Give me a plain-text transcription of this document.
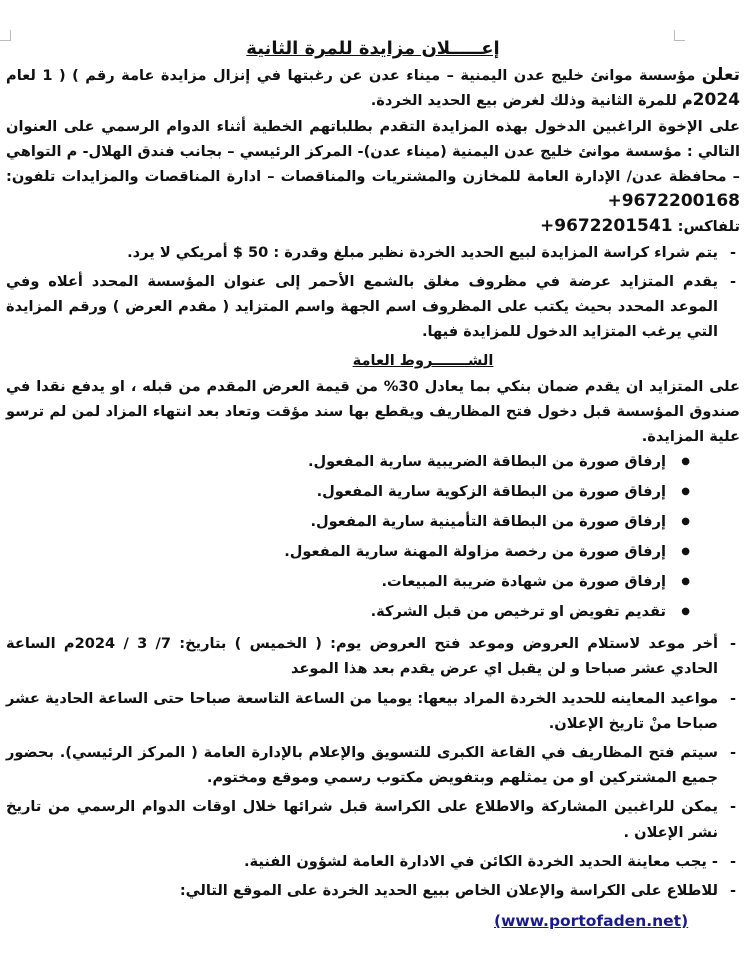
إعـــــلان مزايدة للمرة الثانية

تعلن مؤسسة موانئ خليج عدن اليمنية – ميناء عدن عن رغبتها في إنزال مزايدة عامة رقم ) ( 1 لعام 2024م للمرة الثانية وذلك لغرض بيع الحديد الخردة.

على الإخوة الراغبين الدخول بهذه المزايدة التقدم بطلباتهم الخطية أثناء الدوام الرسمي على العنوان التالي : مؤسسة موانئ خليج عدن اليمنية (ميناء عدن)- المركز الرئيسي – بجانب فندق الهلال- م التواهي – محافظة عدن/ الإدارة العامة للمخازن والمشتريات والمناقصات – ادارة المناقصات والمزايدات تلفون: +9672200168
تلفاكس: +9672201541

- يتم شراء كراسة المزايدة لبيع الحديد الخردة نظير مبلغ وقدرة : 50 $ أمريكي لا يرد.
- يقدم المتزايد عرضة في مظروف مغلق بالشمع الأحمر إلى عنوان المؤسسة المحدد أعلاه وفي الموعد المحدد بحيث يكتب على المظروف اسم الجهة واسم المتزايد ( مقدم العرض ) ورقم المزايدة التي يرغب المتزايد الدخول للمزايدة فيها.
الشـــــــروط العامة

على المتزايد ان يقدم ضمان بنكي بما يعادل 30% من قيمة العرض المقدم من قبله ، او يدفع نقدا في صندوق المؤسسة قبل دخول فتح المظاريف ويقطع بها سند مؤقت وتعاد بعد انتهاء المزاد لمن لم ترسو علية المزايدة.

● إرفاق صورة من البطاقة الضريبية سارية المفعول.
● إرفاق صورة من البطاقة الزكوية سارية المفعول.
● إرفاق صورة من البطاقة التأمينية سارية المفعول.
● إرفاق صورة من رخصة مزاولة المهنة سارية المفعول.
● إرفاق صورة من شهادة ضريبة المبيعات.
● تقديم تفويض او ترخيص من قبل الشركة.
- أخر موعد لاستلام العروض وموعد فتح العروض يوم: ( الخميس ) بتاريخ: 7/ 3 / 2024م الساعة الحادي عشر صباحا و لن يقبل اي عرض يقدم بعد هذا الموعد
- مواعيد المعاينه للحديد الخردة المراد بيعها: يوميا من الساعة التاسعة صباحا حتى الساعة الحادية عشر صباحا منْ تاريخ الإعلان.
- سيتم فتح المظاريف في القاعة الكبرى للتسويق والإعلام بالإدارة العامة ( المركز الرئيسي). بحضور جميع المشتركين او من يمثلهم وبتفويض مكتوب رسمي وموقع ومختوم.
- يمكن للراغبين المشاركة والاطلاع على الكراسة قبل شرائها خلال اوقات الدوام الرسمي من تاريخ نشر الإعلان .
- - يجب معاينة الحديد الخردة الكائن في الادارة العامة لشؤون الفنية.
- للاطلاع على الكراسة والإعلان الخاص ببيع الحديد الخردة على الموقع التالي:
(www.portofaden.net)
